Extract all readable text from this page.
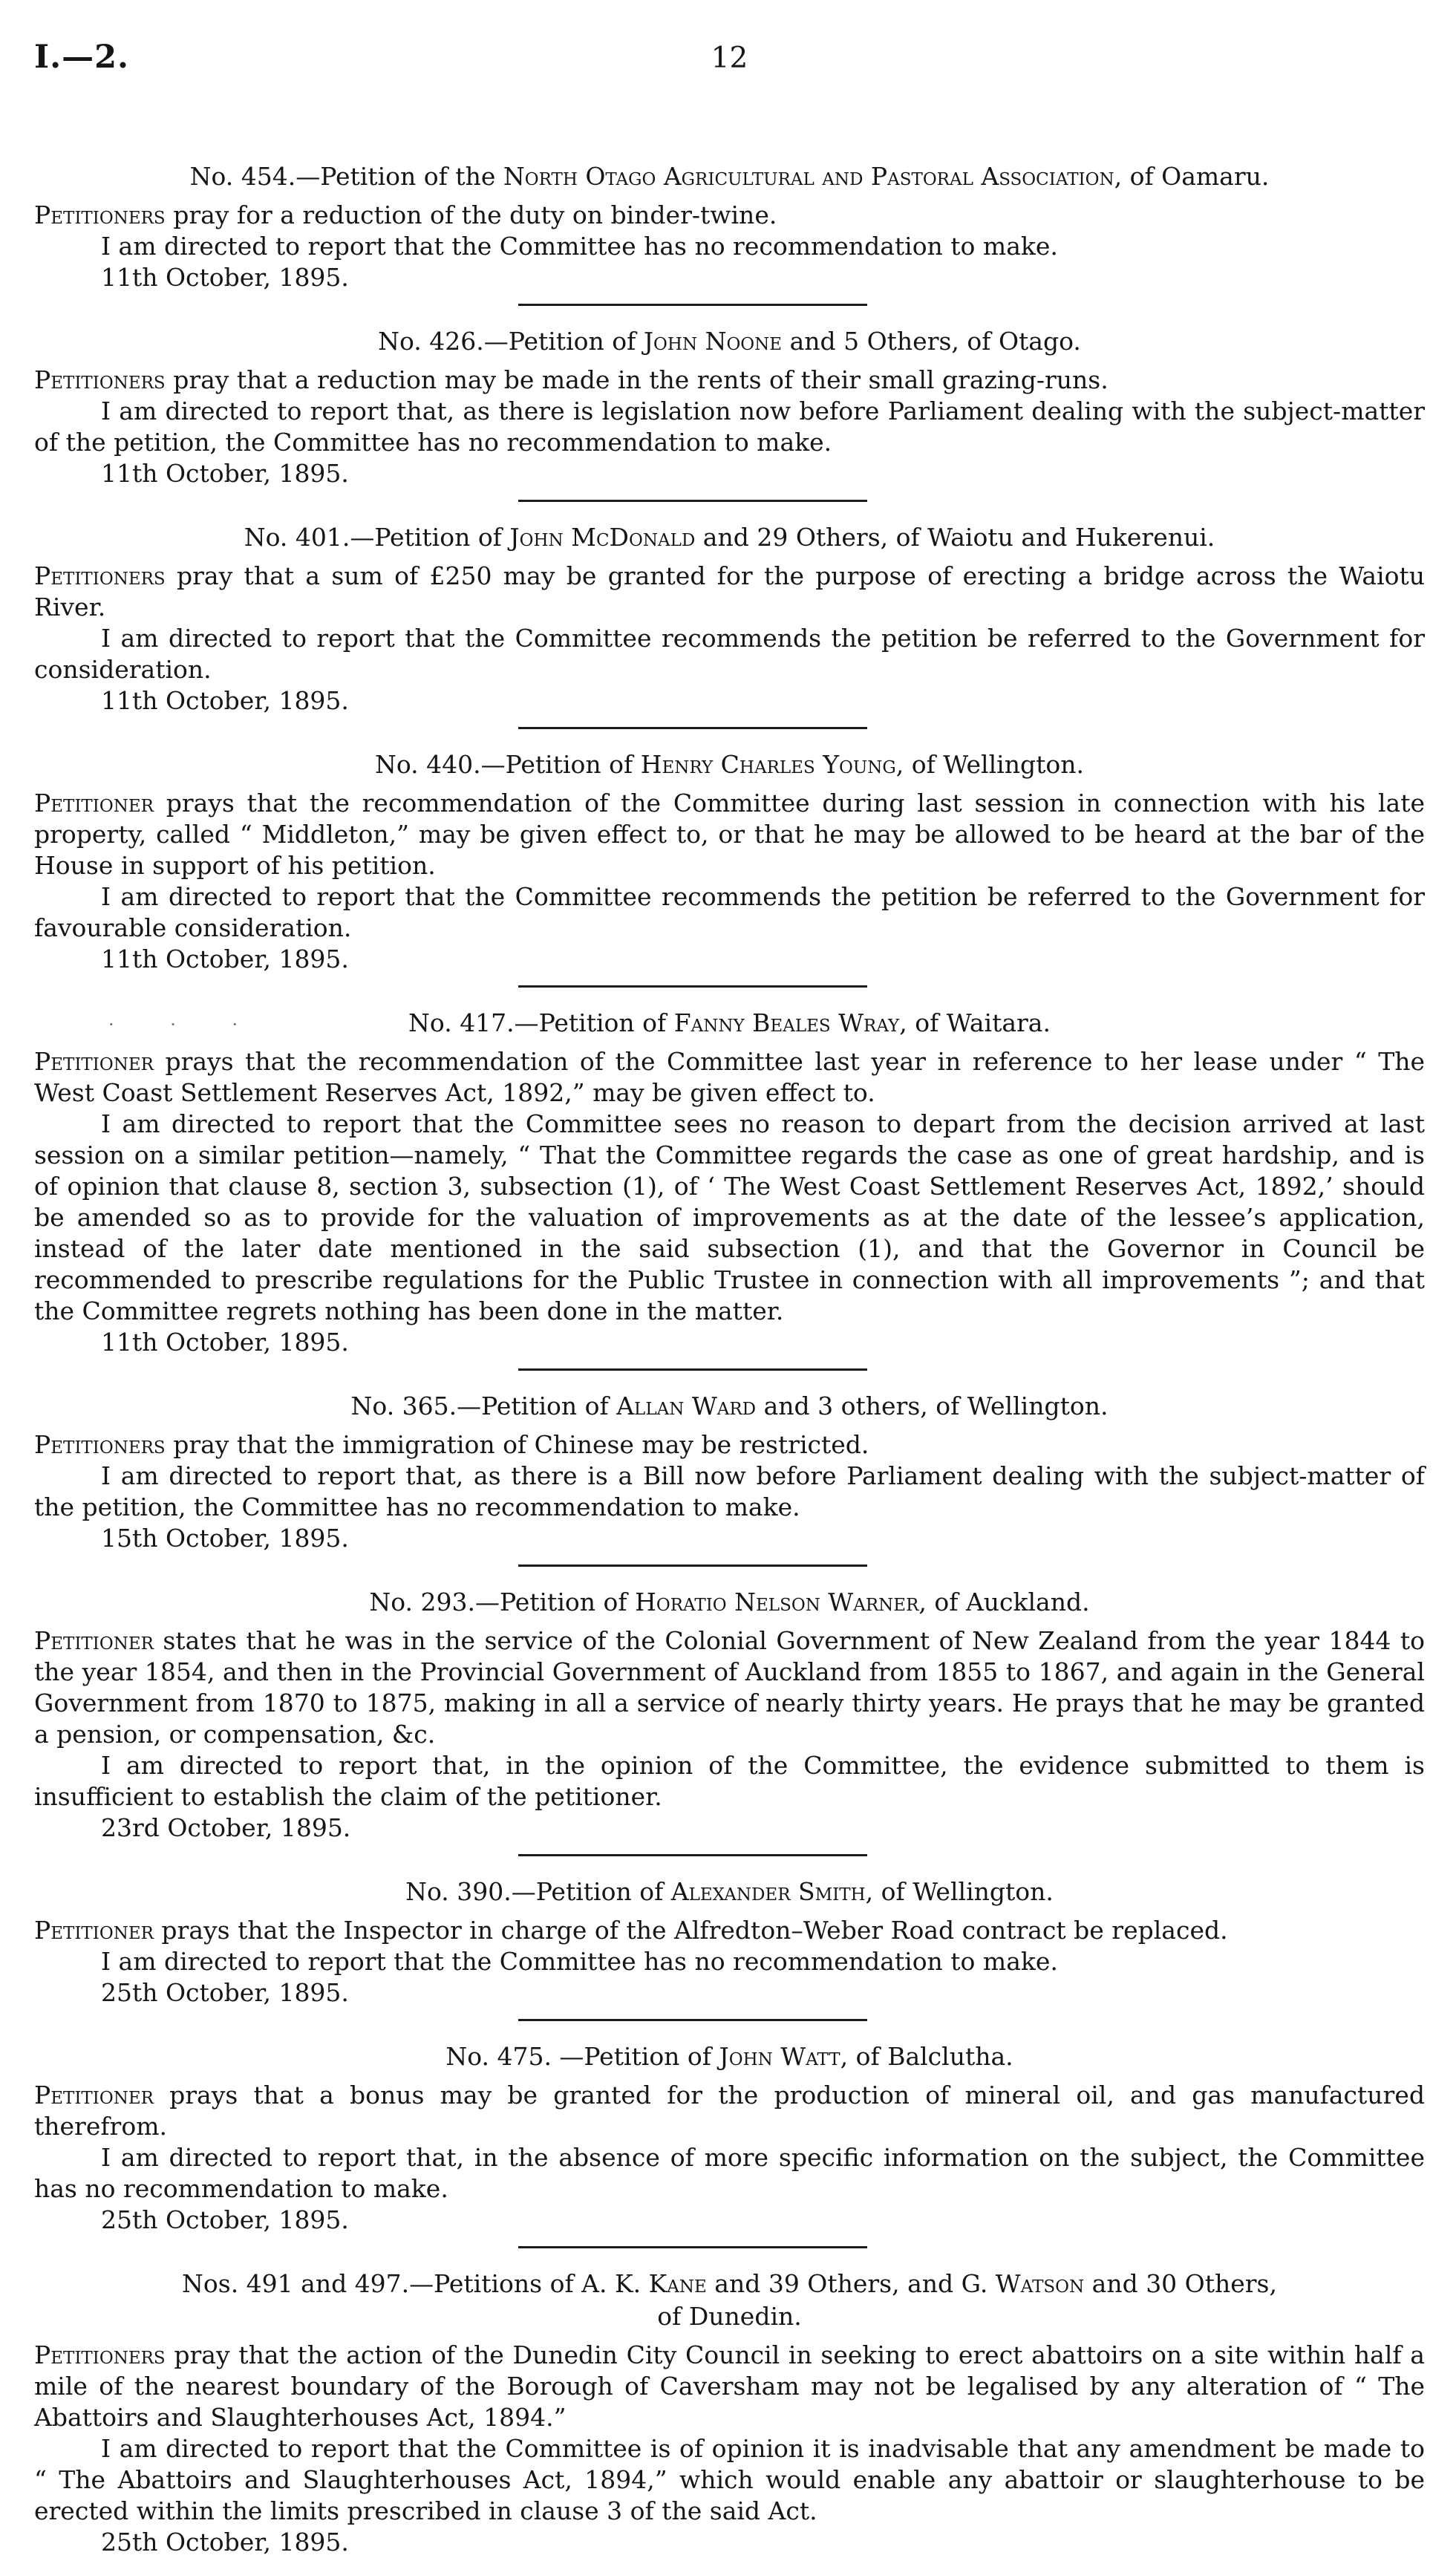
I.—2.	12
No. 454.—Petition of the North Otago Agricultural and Pastoral Association, of Oamaru.

Petitioners pray for a reduction of the duty on binder-twine.

I am directed to report that the Committee has no recommendation to make.

11th October, 1895.

No. 426.—Petition of John Noone and 5 Others, of Otago.

Petitioners pray that a reduction may be made in the rents of their small grazing-runs.

I am directed to report that, as there is legislation now before Parliament dealing with the subject-matter of the petition, the Committee has no recommendation to make.

11th October, 1895.

No. 401.—Petition of John McDonald and 29 Others, of Waiotu and Hukerenui.

Petitioners pray that a sum of £250 may be granted for the purpose of erecting a bridge across the Waiotu River.

I am directed to report that the Committee recommends the petition be referred to the Government for consideration.

11th October, 1895.

No. 440.—Petition of Henry Charles Young, of Wellington.

Petitioner prays that the recommendation of the Committee during last session in connection with his late property, called “ Middleton,” may be given effect to, or that he may be allowed to be heard at the bar of the House in support of his petition.

I am directed to report that the Committee recommends the petition be referred to the Government for favourable consideration.

11th October, 1895.

No. 417.—Petition of Fanny Beales Wray, of Waitara.
· · ·

Petitioner prays that the recommendation of the Committee last year in reference to her lease under “ The West Coast Settlement Reserves Act, 1892,” may be given effect to.

I am directed to report that the Committee sees no reason to depart from the decision arrived at last session on a similar petition—namely, “ That the Committee regards the case as one of great hardship, and is of opinion that clause 8, section 3, subsection (1), of ‘ The West Coast Settlement Reserves Act, 1892,’ should be amended so as to provide for the valuation of improvements as at the date of the lessee’s application, instead of the later date mentioned in the said subsection (1), and that the Governor in Council be recommended to prescribe regulations for the Public Trustee in connection with all improvements ”; and that the Committee regrets nothing has been done in the matter.

11th October, 1895.

No. 365.—Petition of Allan Ward and 3 others, of Wellington.

Petitioners pray that the immigration of Chinese may be restricted.

I am directed to report that, as there is a Bill now before Parliament dealing with the subject-matter of the petition, the Committee has no recommendation to make.

15th October, 1895.

No. 293.—Petition of Horatio Nelson Warner, of Auckland.

Petitioner states that he was in the service of the Colonial Government of New Zealand from the year 1844 to the year 1854, and then in the Provincial Government of Auckland from 1855 to 1867, and again in the General Government from 1870 to 1875, making in all a service of nearly thirty years. He prays that he may be granted a pension, or compensation, &c.

I am directed to report that, in the opinion of the Committee, the evidence submitted to them is insufficient to establish the claim of the petitioner.

23rd October, 1895.

No. 390.—Petition of Alexander Smith, of Wellington.

Petitioner prays that the Inspector in charge of the Alfredton–Weber Road contract be replaced.

I am directed to report that the Committee has no recommendation to make.

25th October, 1895.

No. 475. —Petition of John Watt, of Balclutha.

Petitioner prays that a bonus may be granted for the production of mineral oil, and gas manufactured therefrom.

I am directed to report that, in the absence of more specific information on the subject, the Committee has no recommendation to make.

25th October, 1895.

Nos. 491 and 497.—Petitions of A. K. Kane and 39 Others, and G. Watson and 30 Others,
of Dunedin.

Petitioners pray that the action of the Dunedin City Council in seeking to erect abattoirs on a site within half a mile of the nearest boundary of the Borough of Caversham may not be legalised by any alteration of “ The Abattoirs and Slaughterhouses Act, 1894.”

I am directed to report that the Committee is of opinion it is inadvisable that any amendment be made to “ The Abattoirs and Slaughterhouses Act, 1894,” which would enable any abattoir or slaughterhouse to be erected within the limits prescribed in clause 3 of the said Act.

25th October, 1895.
